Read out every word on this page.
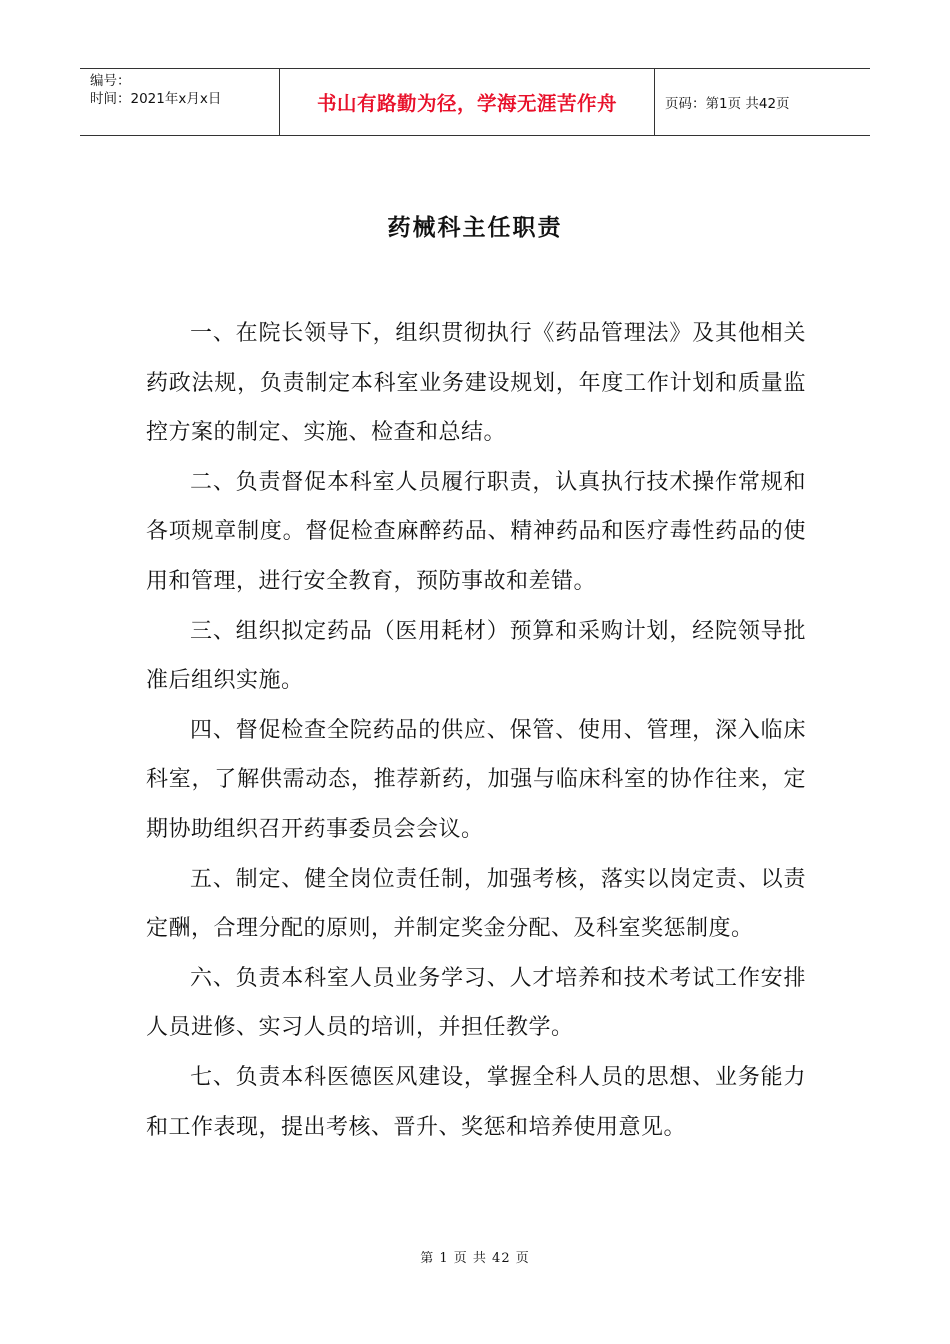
编号：
时间：2021年x月x日	书山有路勤为径，学海无涯苦作舟	页码：第1页 共42页
药械科主任职责

一、在院长领导下，组织贯彻执行《药品管理法》及其他相关药政法规，负责制定本科室业务建设规划，年度工作计划和质量监控方案的制定、实施、检查和总结。

二、负责督促本科室人员履行职责，认真执行技术操作常规和各项规章制度。督促检查麻醉药品、精神药品和医疗毒性药品的使用和管理，进行安全教育，预防事故和差错。

三、组织拟定药品（医用耗材）预算和采购计划，经院领导批准后组织实施。

四、督促检查全院药品的供应、保管、使用、管理，深入临床科室，了解供需动态，推荐新药，加强与临床科室的协作往来，定期协助组织召开药事委员会会议。

五、制定、健全岗位责任制，加强考核，落实以岗定责、以责定酬，合理分配的原则，并制定奖金分配、及科室奖惩制度。

六、负责本科室人员业务学习、人才培养和技术考试工作安排人员进修、实习人员的培训，并担任教学。

七、负责本科医德医风建设，掌握全科人员的思想、业务能力和工作表现，提出考核、晋升、奖惩和培养使用意见。

第 1 页 共 42 页
